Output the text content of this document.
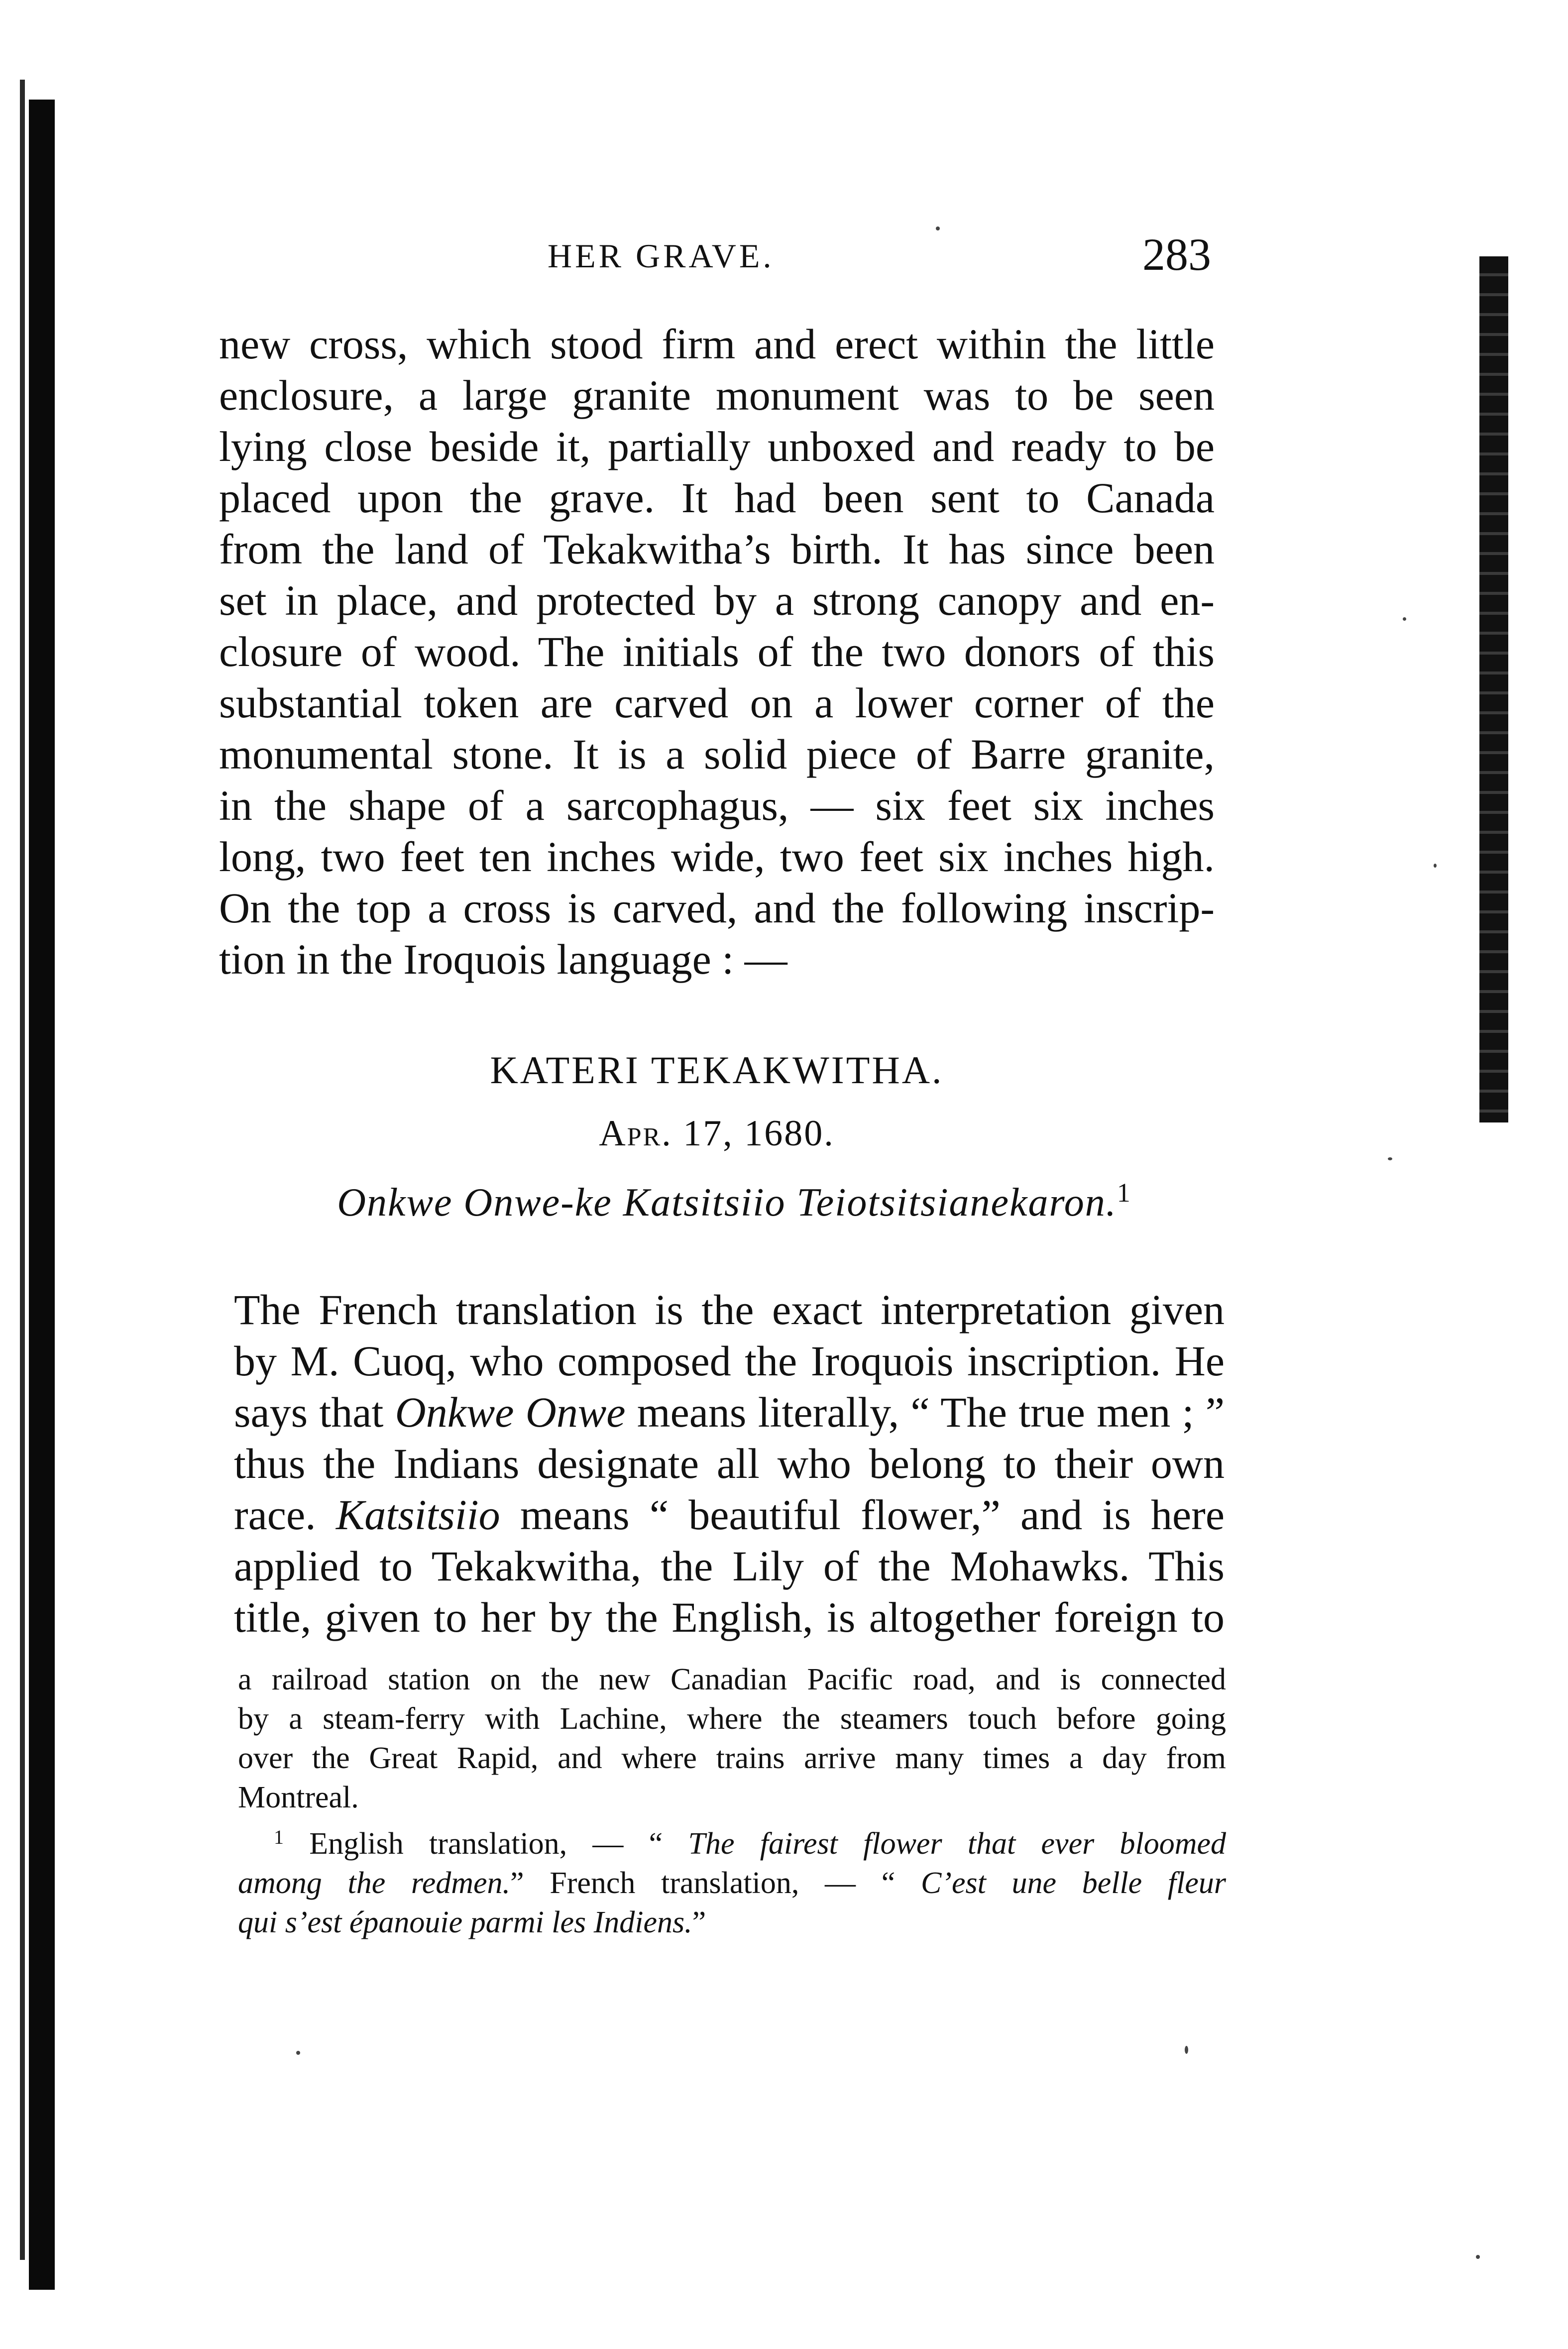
HER GRAVE.	283
new cross, which stood firm and erect within the little
enclosure, a large granite monument was to be seen
lying close beside it, partially unboxed and ready to be
placed upon the grave. It had been sent to Canada
from the land of Tekakwitha’s birth. It has since been
set in place, and protected by a strong canopy and en-
closure of wood. The initials of the two donors of this
substantial token are carved on a lower corner of the
monumental stone. It is a solid piece of Barre granite,
in the shape of a sarcophagus, — six feet six inches
long, two feet ten inches wide, two feet six inches high.
On the top a cross is carved, and the following inscrip-
tion in the Iroquois language : —
KATERI TEKAKWITHA.
Apr. 17, 1680.
Onkwe Onwe-ke Katsitsiio Teiotsitsianekaron.$^1$
The French translation is the exact interpretation given
by M. Cuoq, who composed the Iroquois inscription. He
says that Onkwe Onwe means literally, “ The true men ; ”
thus the Indians designate all who belong to their own
race. Katsitsiio means “ beautiful flower,” and is here
applied to Tekakwitha, the Lily of the Mohawks. This
title, given to her by the English, is altogether foreign to
a railroad station on the new Canadian Pacific road, and is connected
by a steam-ferry with Lachine, where the steamers touch before going
over the Great Rapid, and where trains arrive many times a day from
Montreal.
$^1$ English translation, — “ The fairest flower that ever bloomed
among the redmen.” French translation, — “ C’est une belle fleur
qui s’est épanouie parmi les Indiens.”
